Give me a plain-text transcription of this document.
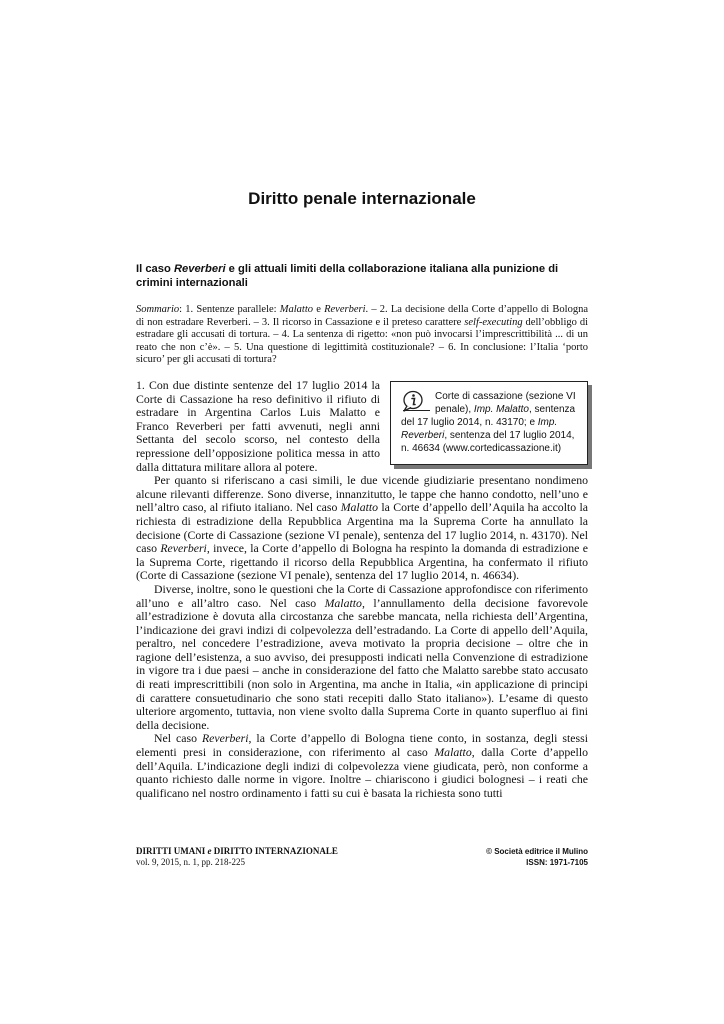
Diritto penale internazionale
Il caso Reverberi e gli attuali limiti della collaborazione italiana alla punizione di crimini internazionali
Sommario: 1. Sentenze parallele: Malatto e Reverberi. – 2. La decisione della Corte d’appello di Bologna di non estradare Reverberi. – 3. Il ricorso in Cassazione e il preteso carattere self-executing dell’obbligo di estradare gli accusati di tortura. – 4. La sentenza di rigetto: «non può invocarsi l’imprescrittibilità ... di un reato che non c’è». – 5. Una questione di legittimità costituzionale? – 6. In conclusione: l’Italia ‘porto sicuro’ per gli accusati di tortura?
Corte di cassazione (sezione VI penale), Imp. Malatto, sentenza del 17 luglio 2014, n. 43170; e Imp. Reverberi, sentenza del 17 luglio 2014, n. 46634 (www.cortedicassazione.it)

1. Con due distinte sentenze del 17 luglio 2014 la Corte di Cassazione ha reso definitivo il rifiuto di estradare in Argentina Carlos Luis Malatto e Franco Reverberi per fatti avvenuti, negli anni Settanta del secolo scorso, nel contesto della repressione dell’opposizione politica messa in atto dalla dittatura militare allora al potere.

Per quanto si riferiscano a casi simili, le due vicende giudiziarie presentano nondimeno alcune rilevanti differenze. Sono diverse, innanzitutto, le tappe che hanno condotto, nell’uno e nell’altro caso, al rifiuto italiano. Nel caso Malatto la Corte d’appello dell’Aquila ha accolto la richiesta di estradizione della Repubblica Argentina ma la Suprema Corte ha annullato la decisione (Corte di Cassazione (sezione VI penale), sentenza del 17 luglio 2014, n. 43170). Nel caso Reverberi, invece, la Corte d’appello di Bologna ha respinto la domanda di estradizione e la Suprema Corte, rigettando il ricorso della Repubblica Argentina, ha confermato il rifiuto (Corte di Cassazione (sezione VI penale), sentenza del 17 luglio 2014, n. 46634).

Diverse, inoltre, sono le questioni che la Corte di Cassazione approfondisce con riferimento all’uno e all’altro caso. Nel caso Malatto, l’annullamento della decisione favorevole all’estradizione è dovuta alla circostanza che sarebbe mancata, nella richiesta dell’Argentina, l’indicazione dei gravi indizi di colpevolezza dell’estradando. La Corte di appello dell’Aquila, peraltro, nel concedere l’estradizione, aveva motivato la propria decisione – oltre che in ragione dell’esistenza, a suo avviso, dei presupposti indicati nella Convenzione di estradizione in vigore tra i due paesi – anche in considerazione del fatto che Malatto sarebbe stato accusato di reati imprescrittibili (non solo in Argentina, ma anche in Italia, «in applicazione di principi di carattere consuetudinario che sono stati recepiti dallo Stato italiano»). L’esame di questo ulteriore argomento, tuttavia, non viene svolto dalla Suprema Corte in quanto superfluo ai fini della decisione.

Nel caso Reverberi, la Corte d’appello di Bologna tiene conto, in sostanza, degli stessi elementi presi in considerazione, con riferimento al caso Malatto, dalla Corte d’appello dell’Aquila. L’indicazione degli indizi di colpevolezza viene giudicata, però, non conforme a quanto richiesto dalle norme in vigore. Inoltre – chiariscono i giudici bolognesi – i reati che qualificano nel nostro ordinamento i fatti su cui è basata la richiesta sono tutti

DIRITTI UMANI e DIRITTO INTERNAZIONALE
vol. 9, 2015, n. 1, pp. 218-225
© Società editrice il Mulino
ISSN: 1971-7105
